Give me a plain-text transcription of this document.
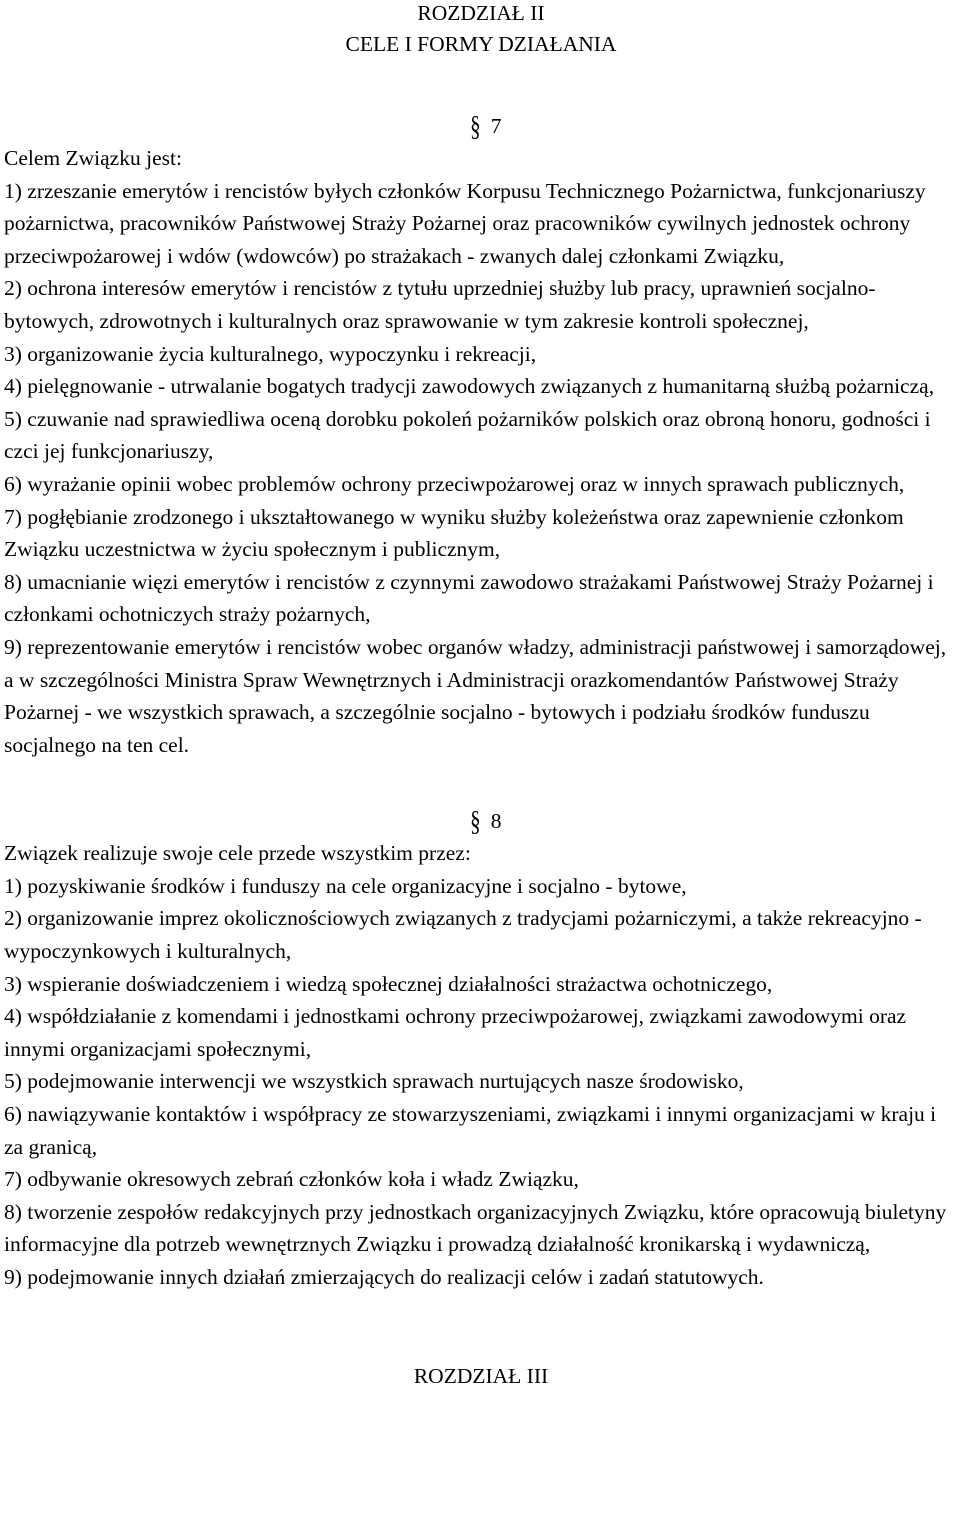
ROZDZIAŁ II
CELE I FORMY DZIAŁANIA
§ 7

Celem Związku jest:

1) zrzeszanie emerytów i rencistów byłych członków Korpusu Technicznego Pożarnictwa, funkcjonariuszy pożarnictwa, pracowników Państwowej Straży Pożarnej oraz pracowników cywilnych jednostek ochrony przeciwpożarowej i wdów (wdowców) po strażakach - zwanych dalej członkami Związku,

2) ochrona interesów emerytów i rencistów z tytułu uprzedniej służby lub pracy, uprawnień socjalno-bytowych, zdrowotnych i kulturalnych oraz sprawowanie w tym zakresie kontroli społecznej,

3) organizowanie życia kulturalnego, wypoczynku i rekreacji,

4) pielęgnowanie - utrwalanie bogatych tradycji zawodowych związanych z humanitarną służbą pożarniczą,

5) czuwanie nad sprawiedliwa oceną dorobku pokoleń pożarników polskich oraz obroną honoru, godności i czci jej funkcjonariuszy,

6) wyrażanie opinii wobec problemów ochrony przeciwpożarowej oraz w innych sprawach publicznych,

7) pogłębianie zrodzonego i ukształtowanego w wyniku służby koleżeństwa oraz zapewnienie członkom Związku uczestnictwa w życiu społecznym i publicznym,

8) umacnianie więzi emerytów i rencistów z czynnymi zawodowo strażakami Państwowej Straży Pożarnej i członkami ochotniczych straży pożarnych,

9) reprezentowanie emerytów i rencistów wobec organów władzy, administracji państwowej i samorządowej, a w szczególności Ministra Spraw Wewnętrznych i Administracji orazkomendantów Państwowej Straży Pożarnej - we wszystkich sprawach, a szczególnie socjalno - bytowych i podziału środków funduszu socjalnego na ten cel.

§ 8

Związek realizuje swoje cele przede wszystkim przez:

1) pozyskiwanie środków i funduszy na cele organizacyjne i socjalno - bytowe,

2) organizowanie imprez okolicznościowych związanych z tradycjami pożarniczymi, a także rekreacyjno - wypoczynkowych i kulturalnych,

3) wspieranie doświadczeniem i wiedzą społecznej działalności strażactwa ochotniczego,

4) współdziałanie z komendami i jednostkami ochrony przeciwpożarowej, związkami zawodowymi oraz innymi organizacjami społecznymi,

5) podejmowanie interwencji we wszystkich sprawach nurtujących nasze środowisko,

6) nawiązywanie kontaktów i współpracy ze stowarzyszeniami, związkami i innymi organizacjami w kraju i za granicą,

7) odbywanie okresowych zebrań członków koła i władz Związku,

8) tworzenie zespołów redakcyjnych przy jednostkach organizacyjnych Związku, które opracowują biuletyny informacyjne dla potrzeb wewnętrznych Związku i prowadzą działalność kronikarską i wydawniczą,

9) podejmowanie innych działań zmierzających do realizacji celów i zadań statutowych.

ROZDZIAŁ III
